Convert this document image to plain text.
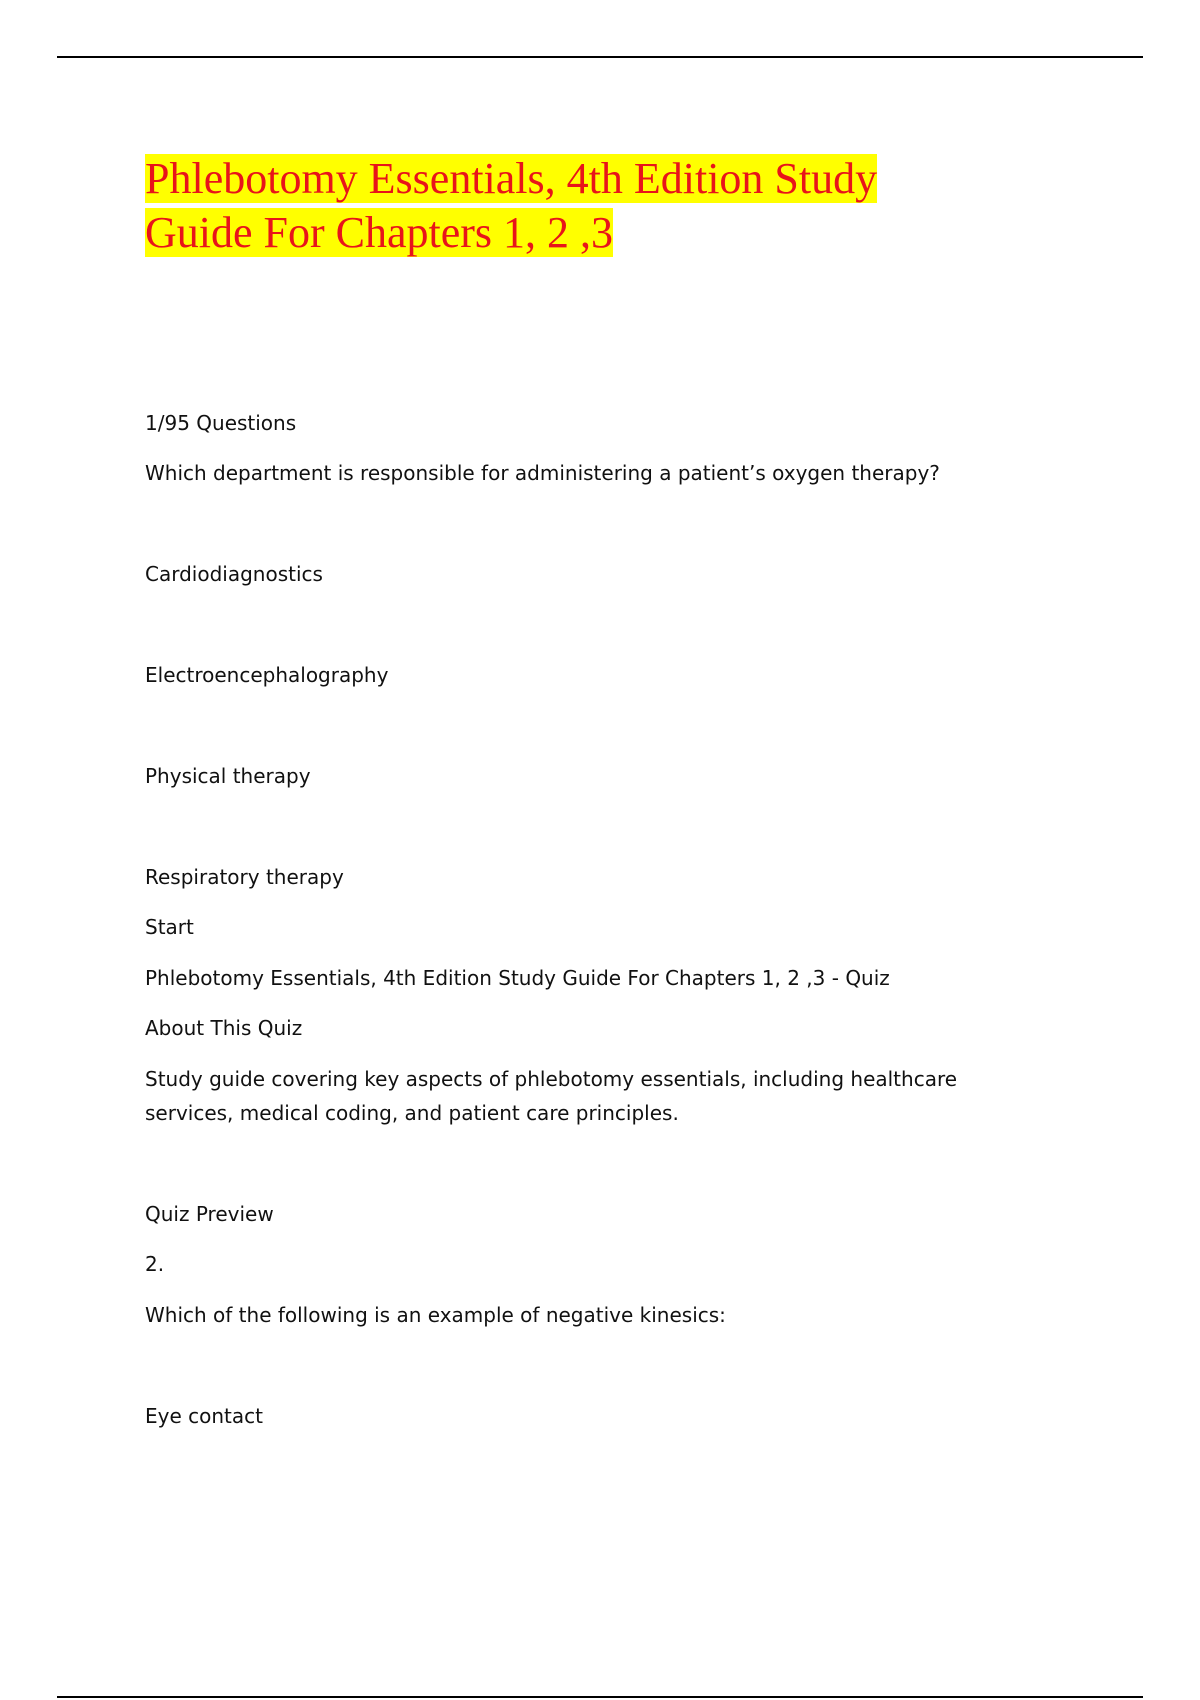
Phlebotomy Essentials, 4th Edition Study
Guide For Chapters 1, 2 ,3

1/95 Questions

Which department is responsible for administering a patient’s oxygen therapy?

Cardiodiagnostics

Electroencephalography

Physical therapy

Respiratory therapy

Start

Phlebotomy Essentials, 4th Edition Study Guide For Chapters 1, 2 ,3 - Quiz

About This Quiz

Study guide covering key aspects of phlebotomy essentials, including healthcare services, medical coding, and patient care principles.

Quiz Preview

2.

Which of the following is an example of negative kinesics:

Eye contact
